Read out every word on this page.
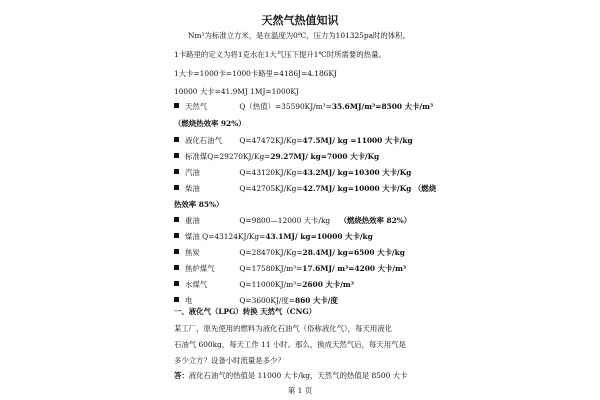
天然气热值知识
Nm³为标准立方米，是在温度为0℃，压力为101325pa时的体积。
1卡路里的定义为将1克水在1大气压下提升1℃时所需要的热量。
1大卡=1000卡=1000卡路里=4186J=4.186KJ
10000 大卡=41.9MJ 1MJ=1000KJ
天然气	Q（热值）=35590KJ/m³=35.6MJ/m³=8500 大卡/m³
（燃烧热效率 92%）
液化石油气 Q=47472KJ/Kg=47.5MJ/ kg =11000 大卡/kg
标准煤Q=29270KJ/Kg=29.27MJ/ kg=7000 大卡/Kg
汽油	Q=43120KJ/Kg=43.2MJ/ kg=10300 大卡/Kg
柴油	Q=42705KJ/Kg=42.7MJ/ kg=10000 大卡/Kg （燃烧
热效率 85%）
重油	Q=9800—12000 大卡/kg （燃烧热效率 82%）
煤油 Q=43124KJ/Kg=43.1MJ/ kg=10000 大卡/kg
焦炭	Q=28470KJ/Kg=28.4MJ/ kg=6500 大卡/kg
焦炉煤气	Q=17580KJ/m³=17.6MJ/ m³=4200 大卡/m³
水煤气	Q=11000KJ/m³=2600 大卡/m³
电	Q=3600KJ/度=860 大卡/度
一、液化气（LPG）转换 天然气（CNG）
某工厂，原先使用的燃料为液化石油气（俗称液化气），每天用液化
石油气 600kg，每天工作 11 小时。那么，换成天然气后，每天用气是
第 1 页
多少立方？设备小时流量是多少？
答：液化石油气的热值是 11000 大卡/kg，天然气的热值是 8500 大卡
